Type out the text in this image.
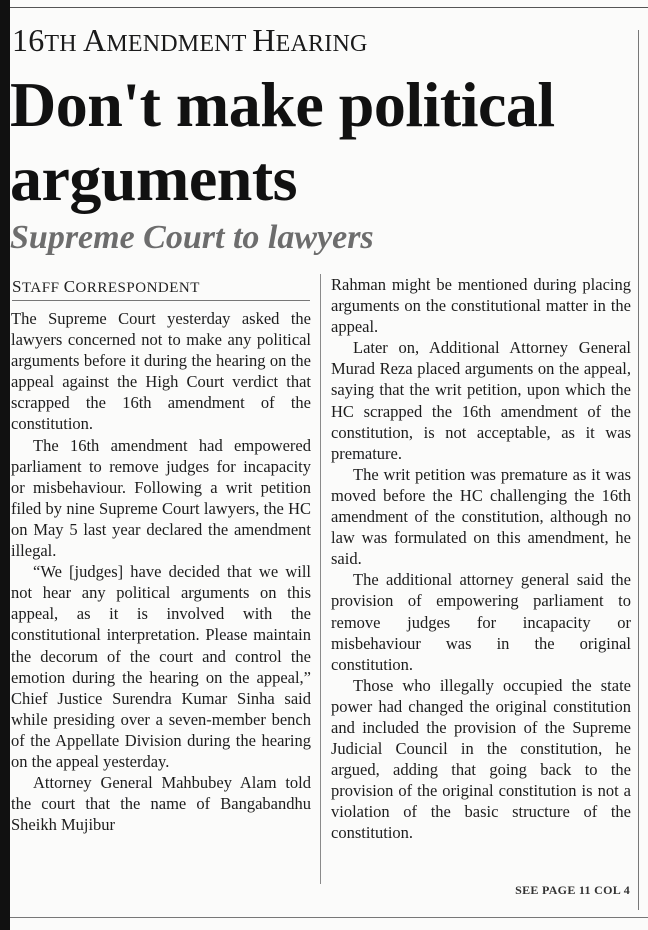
16TH AMENDMENT HEARING
Don't make political arguments
Supreme Court to lawyers
STAFF CORRESPONDENT

The Supreme Court yesterday asked the lawyers concerned not to make any political arguments before it during the hearing on the appeal against the High Court verdict that scrapped the 16th amendment of the constitution.

The 16th amendment had empowered parliament to remove judges for incapacity or misbehaviour. Following a writ petition filed by nine Supreme Court lawyers, the HC on May 5 last year declared the amendment illegal.

“We [judges] have decided that we will not hear any political arguments on this appeal, as it is involved with the constitutional interpretation. Please maintain the decorum of the court and control the emotion during the hearing on the appeal,” Chief Justice Surendra Kumar Sinha said while presiding over a seven-member bench of the Appellate Division during the hearing on the appeal yesterday.

Attorney General Mahbubey Alam told the court that the name of Bangabandhu Sheikh Mujibur

Rahman might be mentioned during placing arguments on the constitutional matter in the appeal.

Later on, Additional Attorney General Murad Reza placed arguments on the appeal, saying that the writ petition, upon which the HC scrapped the 16th amendment of the constitution, is not acceptable, as it was premature.

The writ petition was premature as it was moved before the HC challenging the 16th amendment of the constitution, although no law was formulated on this amendment, he said.

The additional attorney general said the provision of empowering parliament to remove judges for incapacity or misbehaviour was in the original constitution.

Those who illegally occupied the state power had changed the original constitution and included the provision of the Supreme Judicial Council in the constitution, he argued, adding that going back to the provision of the original constitution is not a violation of the basic structure of the constitution.

SEE PAGE 11 COL 4
